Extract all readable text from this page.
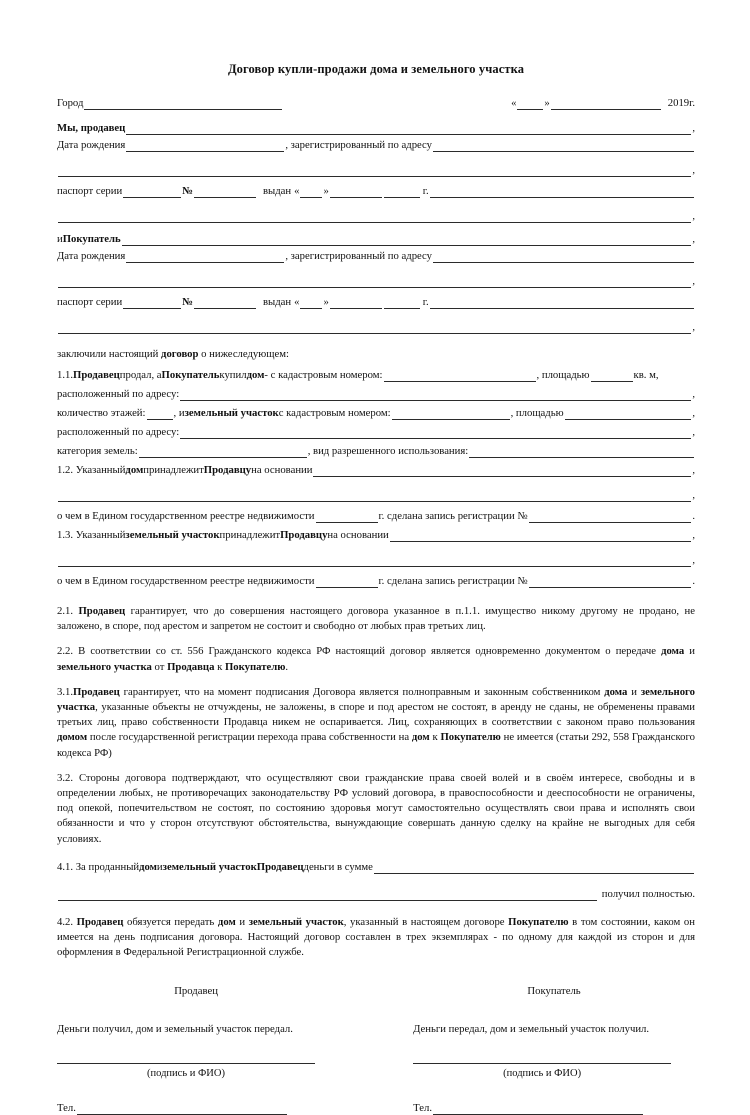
Договор купли-продажи дома и земельного участка
Город	«	»	2019г.
Мы, продавец	,
Дата рождения	, зарегистрированный по адресу
,
паспорт серии	№	выдан « »	г.
,
и Покупатель	,
Дата рождения	, зарегистрированный по адресу
,
паспорт серии	№	выдан « »	г.
,
заключили настоящий договор о нижеследующем:
1.1. Продавец продал, а Покупатель купил дом - с кадастровым номером:	, площадью	кв. м,
расположенный по адресу:	,
количество этажей:	, и земельный участок с кадастровым номером:	, площадью	,
расположенный по адресу:	,
категория земель:	, вид разрешенного использования:
1.2. Указанный дом принадлежит Продавцу на основании	,
,
о чем в Едином государственном реестре недвижимости	г. сделана запись регистрации №	.
1.3. Указанный земельный участок принадлежит Продавцу на основании	,
,
о чем в Едином государственном реестре недвижимости	г. сделана запись регистрации №	.
2.1. Продавец гарантирует, что до совершения настоящего договора указанное в п.1.1. имущество никому другому не продано, не заложено, в споре, под арестом и запретом не состоит и свободно от любых прав третьих лиц.
2.2. В соответствии со ст. 556 Гражданского кодекса РФ настоящий договор является одновременно документом о передаче дома и земельного участка от Продавца к Покупателю.
3.1.Продавец гарантирует, что на момент подписания Договора является полноправным и законным собственником дома и земельного участка, указанные объекты не отчуждены, не заложены, в споре и под арестом не состоят, в аренду не сданы, не обременены правами третьих лиц, право собственности Продавца никем не оспаривается. Лиц, сохраняющих в соответствии с законом право пользования домом после государственной регистрации перехода права собственности на дом к Покупателю не имеется (статьи 292, 558 Гражданского кодекса РФ)
3.2. Стороны договора подтверждают, что осуществляют свои гражданские права своей волей и в своём интересе, свободны и в определении любых, не противоречащих законодательству РФ условий договора, в правоспособности и дееспособности не ограничены, под опекой, попечительством не состоят, по состоянию здоровья могут самостоятельно осуществлять свои права и исполнять свои обязанности и что у сторон отсутствуют обстоятельства, вынуждающие совершать данную сделку на крайне не выгодных для себя условиях.
4.1. За проданный дом и земельный участок Продавец деньги в сумме
получил полностью.
4.2. Продавец обязуется передать дом и земельный участок, указанный в настоящем договоре Покупателю в том состоянии, каком он имеется на день подписания договора. Настоящий договор составлен в трех экземплярах - по одному для каждой из сторон и для оформления в Федеральной Регистрационной службе.
Продавец
Деньги получил, дом и земельный участок передал.
(подпись и ФИО)
Тел.
Покупатель
Деньги передал, дом и земельный участок получил.
(подпись и ФИО)
Тел.
